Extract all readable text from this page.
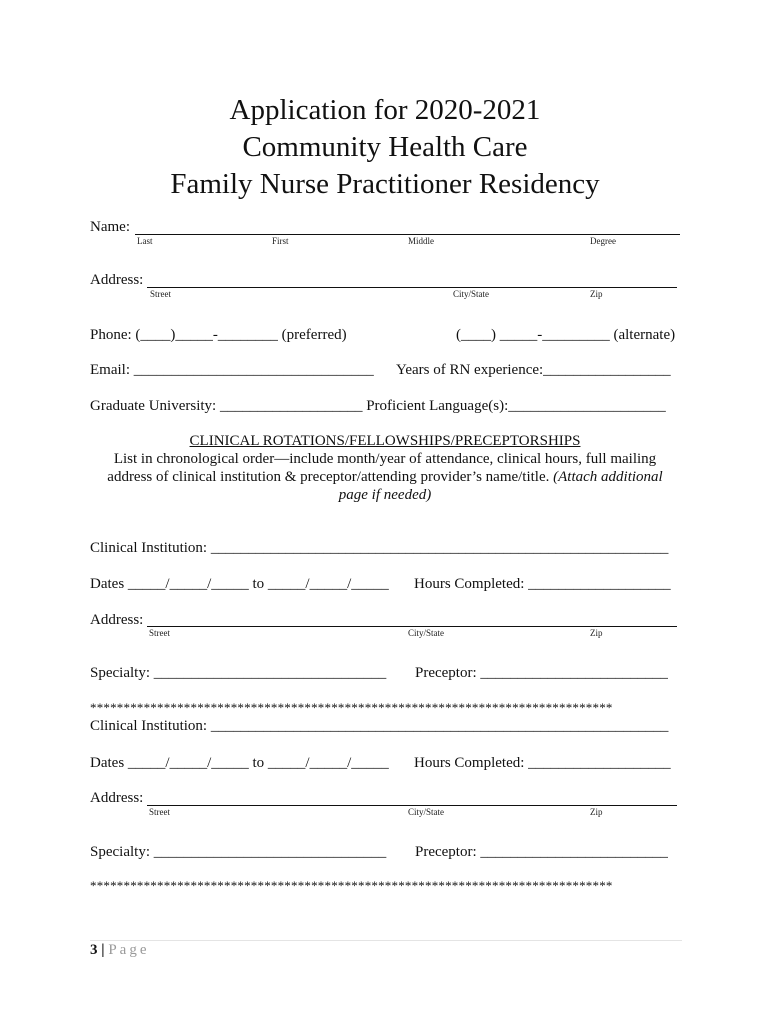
Application for 2020-2021
Community Health Care
Family Nurse Practitioner Residency
Name:
Last	First	Middle	Degree
Address:
Street	City/State	Zip
Phone: (____)_____-________ (preferred)	(____) _____-_________ (alternate)
Email: ________________________________ Years of RN experience:_________________
Graduate University: ___________________ Proficient Language(s):_____________________
CLINICAL ROTATIONS/FELLOWSHIPS/PRECEPTORSHIPS
List in chronological order—include month/year of attendance, clinical hours, full mailing
address of clinical institution & preceptor/attending provider’s name/title. (Attach additional
page if needed)
Clinical Institution: _____________________________________________________________
Dates _____/_____/_____ to _____/_____/_____ Hours Completed: ___________________
Address:
Street	City/State	Zip
Specialty: _______________________________ Preceptor: _________________________
******************************************************************************
Clinical Institution: _____________________________________________________________
Dates _____/_____/_____ to _____/_____/_____ Hours Completed: ___________________
Address:
Street	City/State	Zip
Specialty: _______________________________ Preceptor: _________________________
******************************************************************************
3 | Page
